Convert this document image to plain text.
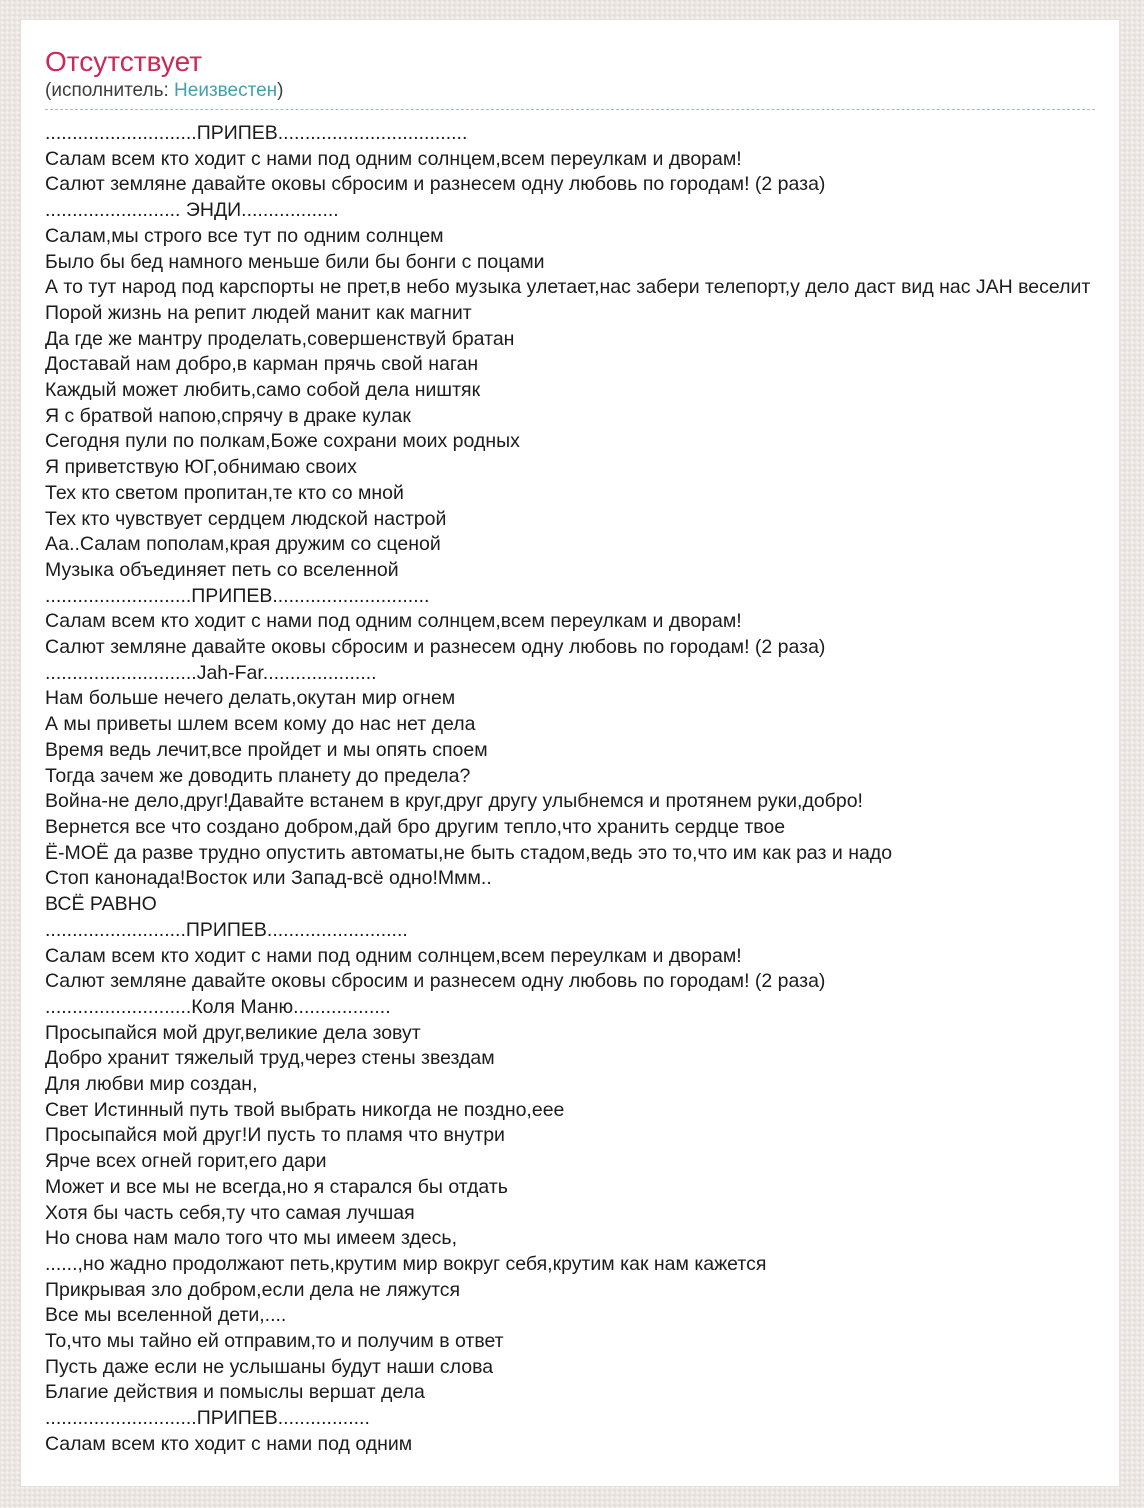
Отсутствует
(исполнитель: Неизвестен)
............................ПРИПЕВ...................................
Салам всем кто ходит с нами под одним солнцем,всем переулкам и дворам!
Салют земляне давайте оковы сбросим и разнесем одну любовь по городам! (2 раза)
......................... ЭНДИ..................
Салам,мы строго все тут по одним солнцем
Было бы бед намного меньше били бы бонги с поцами
А то тут народ под карспорты не прет,в небо музыка улетает,нас забери телепорт,у дело даст вид нас JAH веселит
Порой жизнь на репит людей манит как магнит
Да где же мантру проделать,совершенствуй братан
Доставай нам добро,в карман прячь свой наган
Каждый может любить,само собой дела ништяк
Я с братвой напою,спрячу в драке кулак
Сегодня пули по полкам,Боже сохрани моих родных
Я приветствую ЮГ,обнимаю своих
Тех кто светом пропитан,те кто со мной
Тех кто чувствует сердцем людской настрой
Аа..Салам пополам,края дружим со сценой
Музыка объединяет петь со вселенной
...........................ПРИПЕВ.............................
Салам всем кто ходит с нами под одним солнцем,всем переулкам и дворам!
Салют земляне давайте оковы сбросим и разнесем одну любовь по городам! (2 раза)
............................Jah-Far.....................
Нам больше нечего делать,окутан мир огнем
А мы приветы шлем всем кому до нас нет дела
Время ведь лечит,все пройдет и мы опять споем
Тогда зачем же доводить планету до предела?
Война-не дело,друг!Давайте встанем в круг,друг другу улыбнемся и протянем руки,добро!
Вернется все что создано добром,дай бро другим тепло,что хранить сердце твое
Ё-МОЁ да разве трудно опустить автоматы,не быть стадом,ведь это то,что им как раз и надо
Стоп канонада!Восток или Запад-всё одно!Ммм..
ВСЁ РАВНО
..........................ПРИПЕВ..........................
Салам всем кто ходит с нами под одним солнцем,всем переулкам и дворам!
Салют земляне давайте оковы сбросим и разнесем одну любовь по городам! (2 раза)
...........................Коля Маню..................
Просыпайся мой друг,великие дела зовут
Добро хранит тяжелый труд,через стены звездам
Для любви мир создан,
Свет Истинный путь твой выбрать никогда не поздно,еее
Просыпайся мой друг!И пусть то пламя что внутри
Ярче всех огней горит,его дари
Может и все мы не всегда,но я старался бы отдать
Хотя бы часть себя,ту что самая лучшая
Но снова нам мало того что мы имеем здесь,
......,но жадно продолжают петь,крутим мир вокруг себя,крутим как нам кажется
Прикрывая зло добром,если дела не ляжутся
Все мы вселенной дети,....
То,что мы тайно ей отправим,то и получим в ответ
Пусть даже если не услышаны будут наши слова
Благие действия и помыслы вершат дела
............................ПРИПЕВ.................
Салам всем кто ходит с нами под одним
